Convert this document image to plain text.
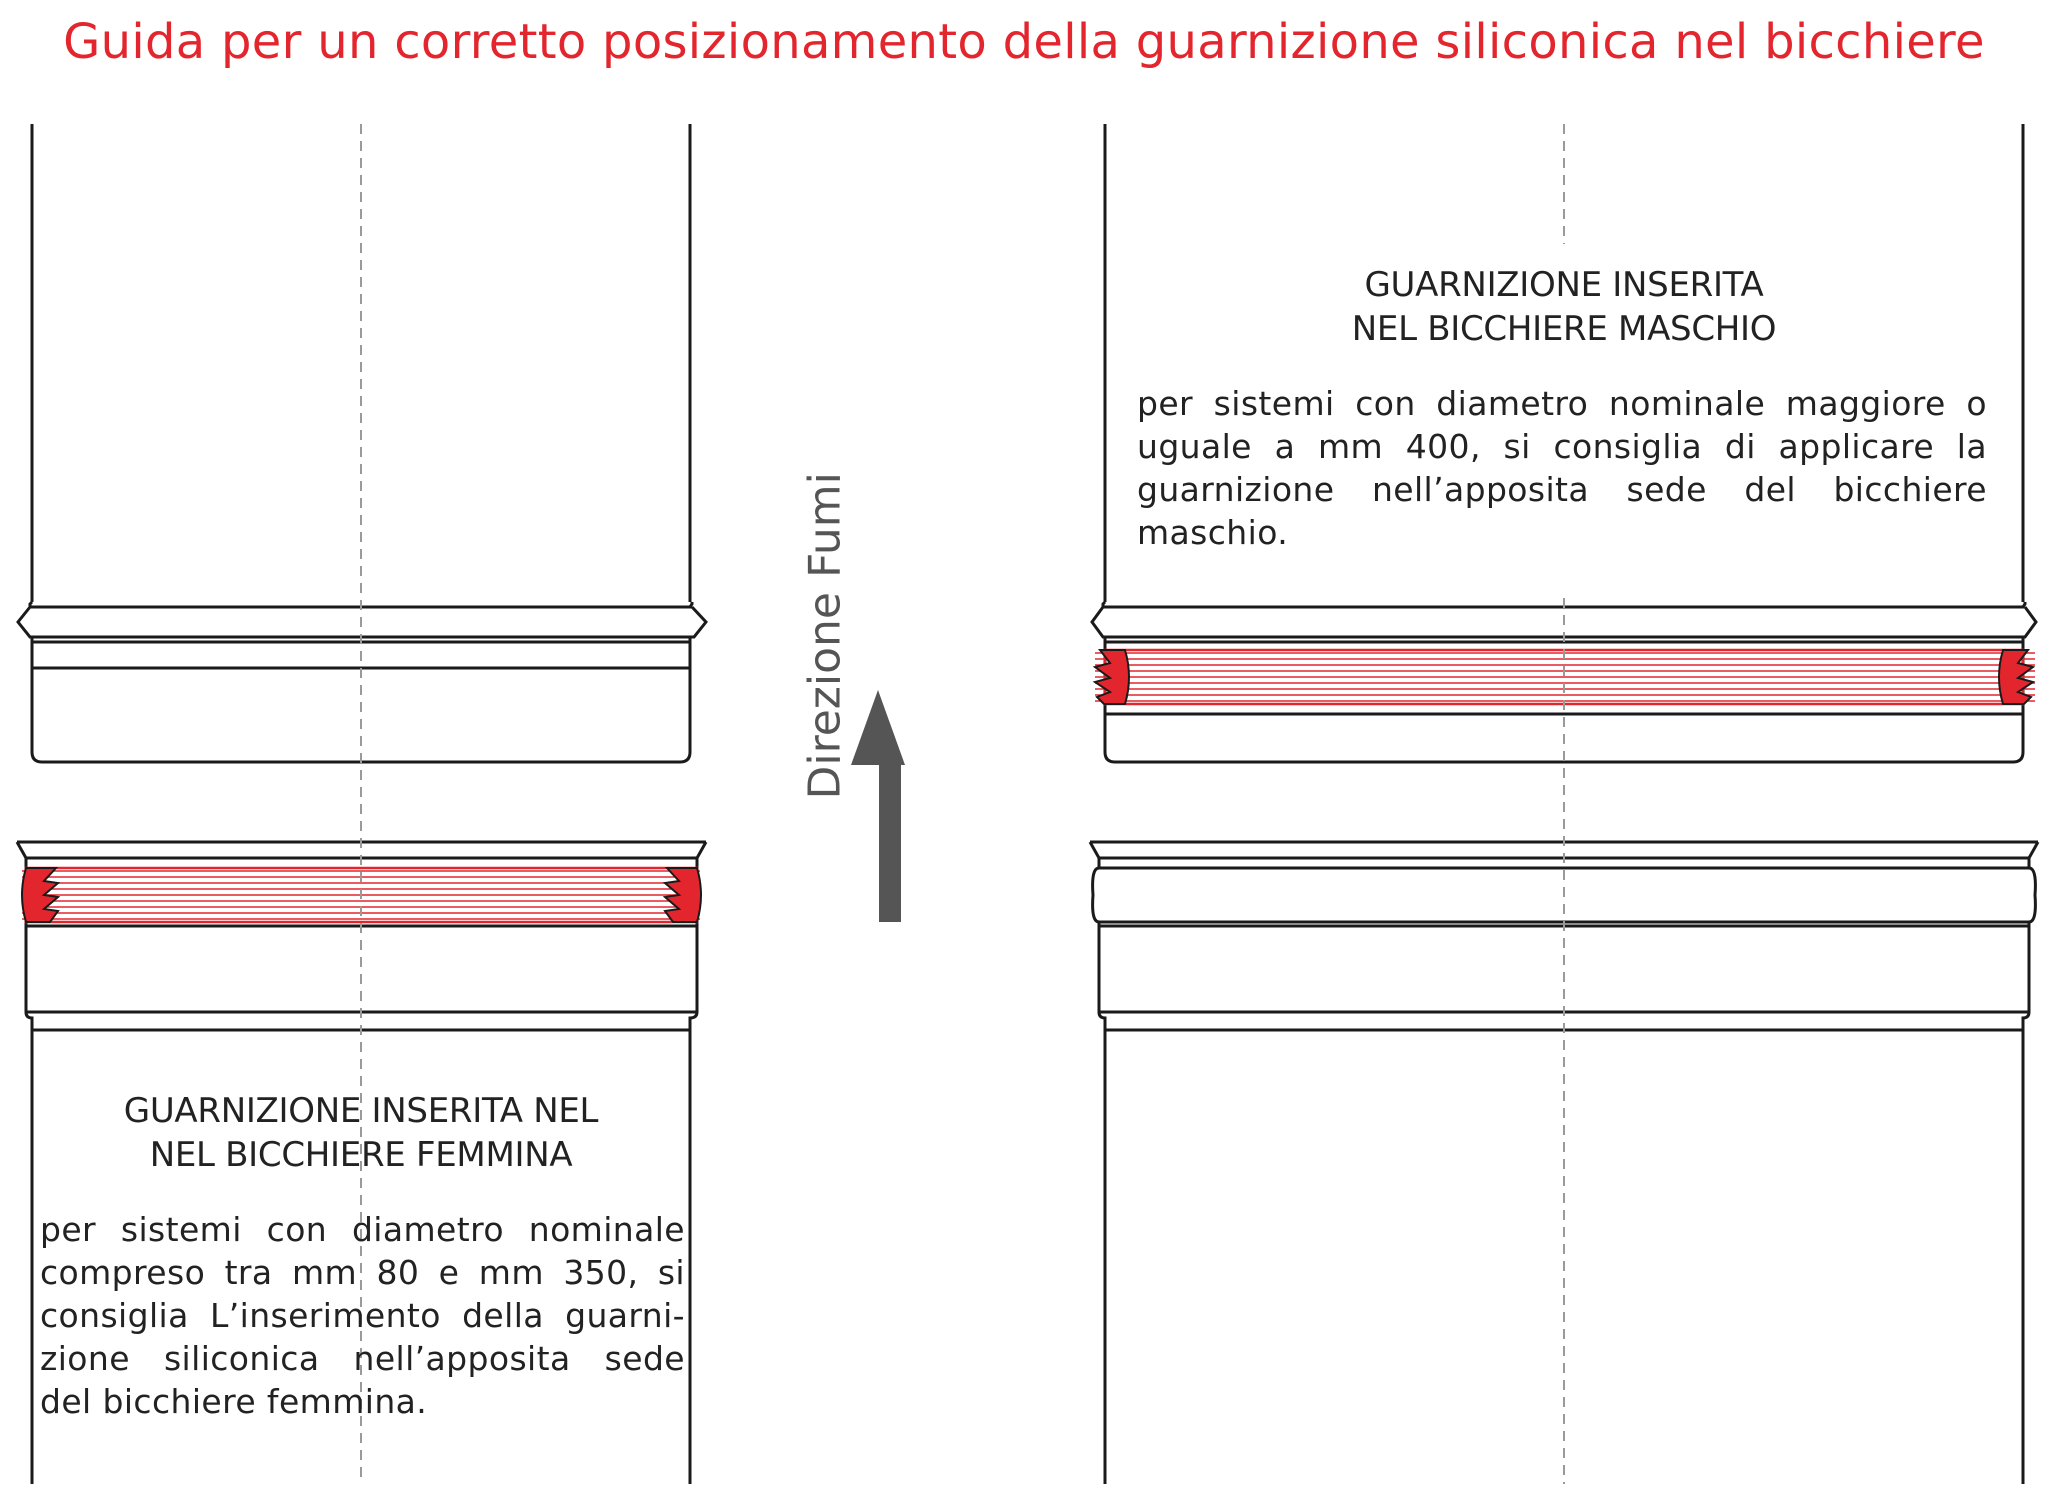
Guida per un corretto posizionamento della guarnizione siliconica nel bicchiere
GUARNIZIONE INSERITA
NEL BICCHIERE MASCHIO
per sistemi con diametro nominale maggiore o
uguale a mm 400, si consiglia di applicare la
guarnizione nell’apposita sede del bicchiere
maschio.
GUARNIZIONE INSERITA NEL
NEL BICCHIERE FEMMINA
per sistemi con diametro nominale
compreso tra mm 80 e mm 350, si
consiglia L’inserimento della guarni-
zione siliconica nell’apposita sede
del bicchiere femmina.
Direzione Fumi
